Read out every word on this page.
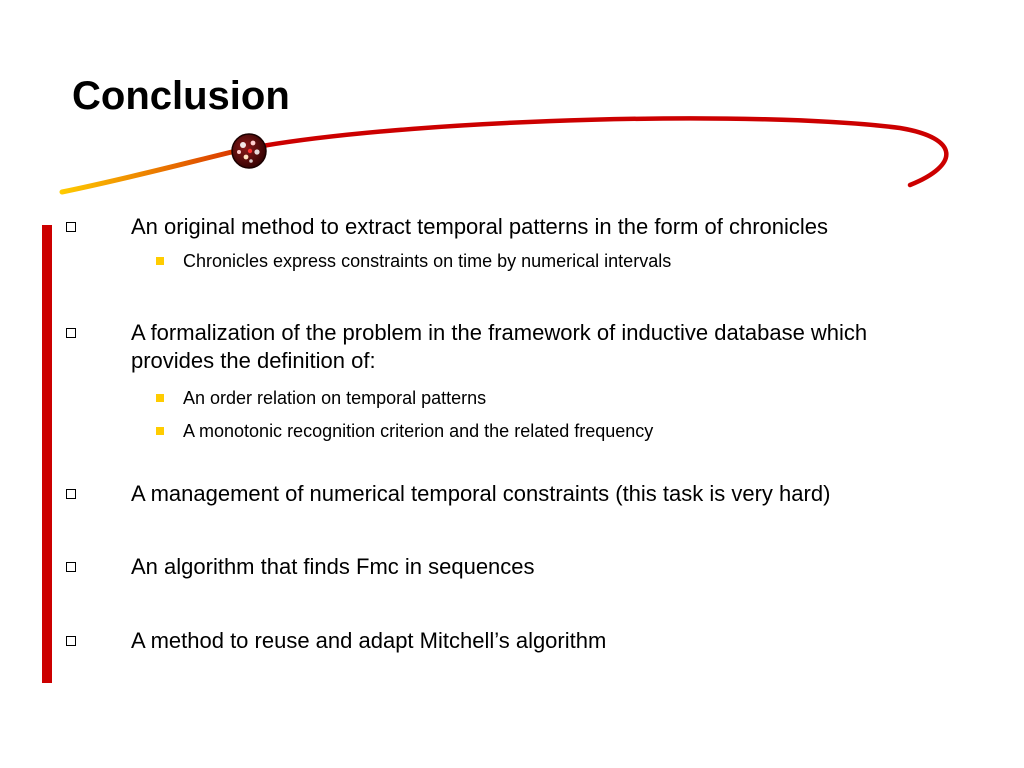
Conclusion
An original method to extract temporal patterns in the form of chronicles
Chronicles express constraints on time by numerical intervals
A formalization of the problem in the framework of inductive database which provides the definition of:
An order relation on temporal patterns
A monotonic recognition criterion and the related frequency
A management of numerical temporal constraints (this task is very hard)
An algorithm that finds Fmc in sequences
A method to reuse and adapt Mitchell’s algorithm
